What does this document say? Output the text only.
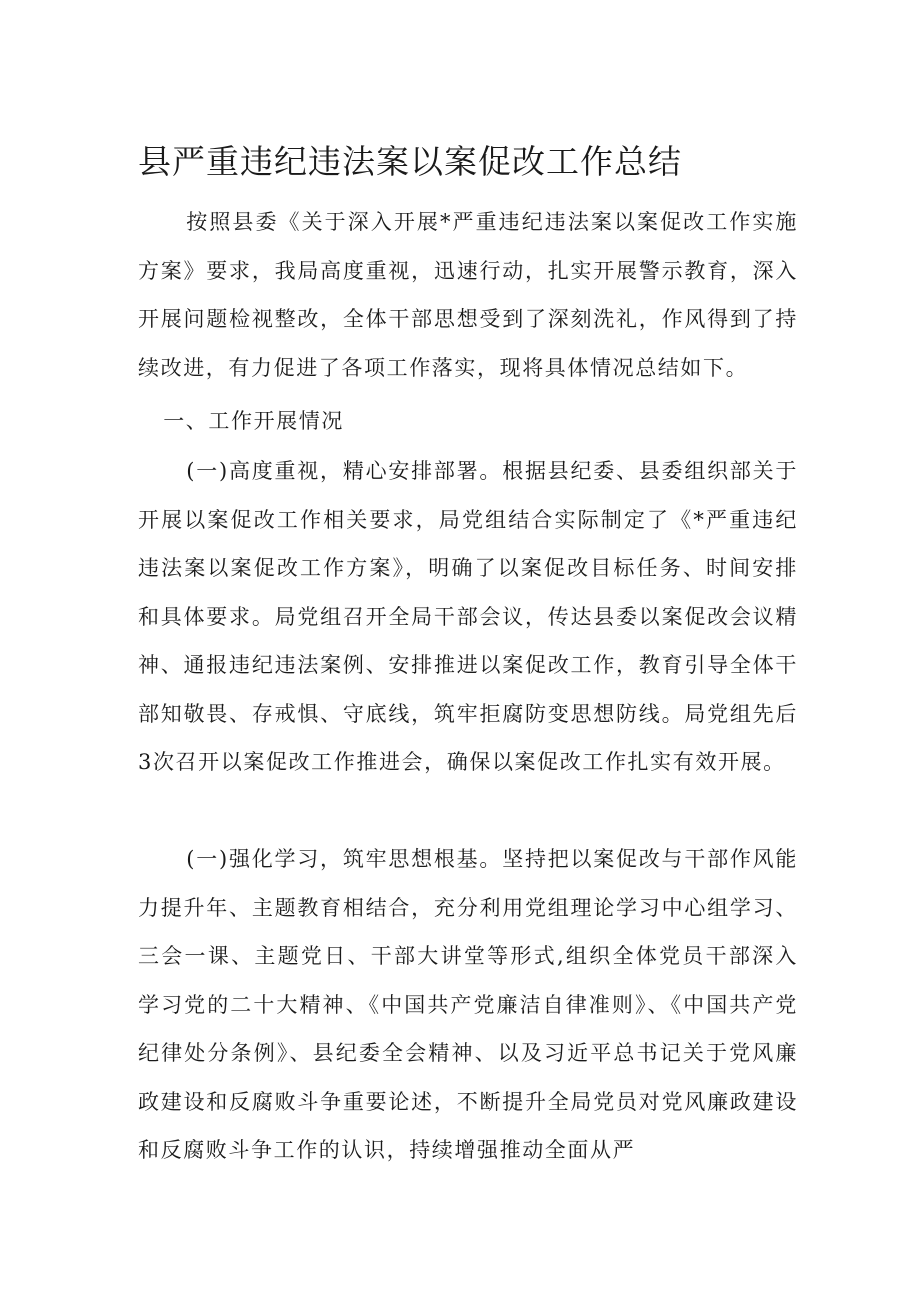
县严重违纪违法案以案促改工作总结

按照县委《关于深入开展*严重违纪违法案以案促改工作实施方案》要求，我局高度重视，迅速行动，扎实开展警示教育，深入开展问题检视整改，全体干部思想受到了深刻洗礼，作风得到了持续改进，有力促进了各项工作落实，现将具体情况总结如下。

一、工作开展情况

(一)高度重视，精心安排部署。根据县纪委、县委组织部关于开展以案促改工作相关要求，局党组结合实际制定了《*严重违纪违法案以案促改工作方案》，明确了以案促改目标任务、时间安排和具体要求。局党组召开全局干部会议，传达县委以案促改会议精神、通报违纪违法案例、安排推进以案促改工作，教育引导全体干部知敬畏、存戒惧、守底线，筑牢拒腐防变思想防线。局党组先后3次召开以案促改工作推进会，确保以案促改工作扎实有效开展。

(一)强化学习，筑牢思想根基。坚持把以案促改与干部作风能力提升年、主题教育相结合，充分利用党组理论学习中心组学习、三会一课、主题党日、干部大讲堂等形式,组织全体党员干部深入学习党的二十大精神、《中国共产党廉洁自律准则》、《中国共产党纪律处分条例》、县纪委全会精神、以及习近平总书记关于党风廉政建设和反腐败斗争重要论述，不断提升全局党员对党风廉政建设和反腐败斗争工作的认识，持续增强推动全面从严
